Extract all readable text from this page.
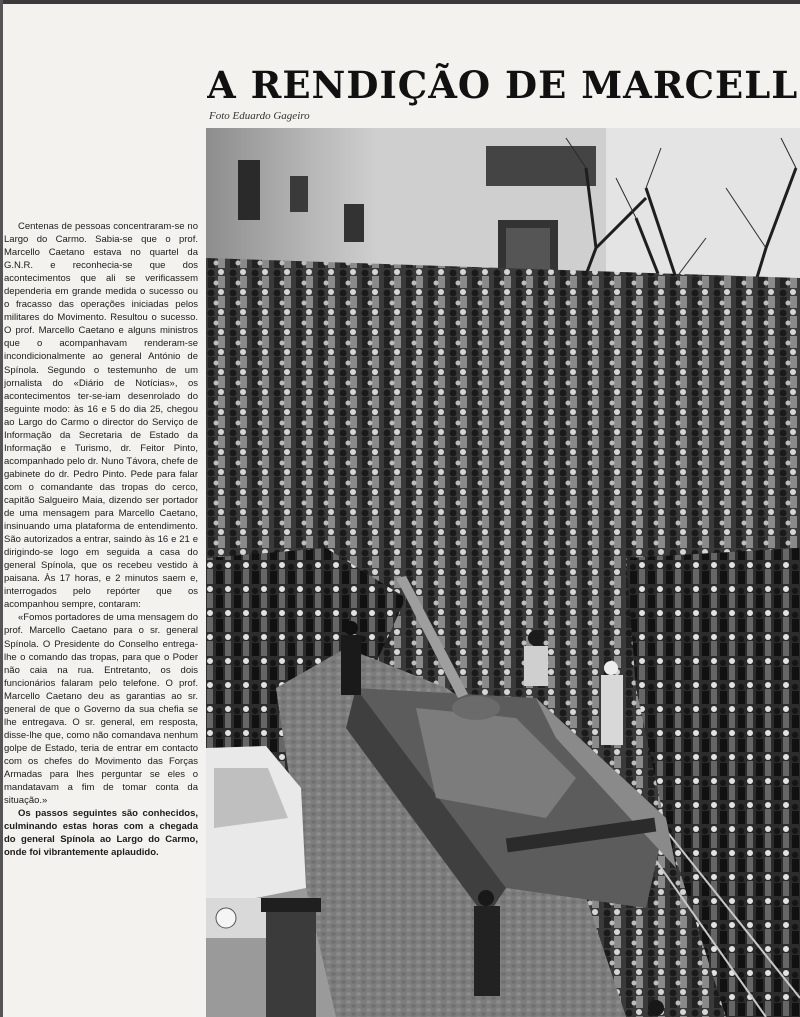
A RENDIÇÃO DE MARCELL
Foto Eduardo Gageiro

Centenas de pessoas concentraram-se no Largo do Carmo. Sabia-se que o prof. Marcello Caetano estava no quartel da G.N.R. e reconhecia-se que dos acontecimentos que ali se verificassem dependeria em grande medida o sucesso ou o fracasso das operações iniciadas pelos militares do Movimento. Resultou o sucesso. O prof. Marcello Caetano e alguns ministros que o acompanhavam renderam-se incondicionalmente ao general António de Spínola. Segundo o testemunho de um jornalista do «Diário de Notícias», os acontecimentos ter-se-iam desenrolado do seguinte modo: às 16 e 5 do dia 25, chegou ao Largo do Carmo o director do Serviço de Informação da Secretaria de Estado da Informação e Turismo, dr. Feitor Pinto, acompanhado pelo dr. Nuno Távora, chefe de gabinete do dr. Pedro Pinto. Pede para falar com o comandante das tropas do cerco, capitão Salgueiro Maia, dizendo ser portador de uma mensagem para Marcello Caetano, insinuando uma plataforma de entendimento. São autorizados a entrar, saindo às 16 e 21 e dirigindo-se logo em seguida a casa do general Spínola, que os recebeu vestido à paisana. Às 17 horas, e 2 minutos saem e, interrogados pelo repórter que os acompanhou sempre, contaram:

«Fomos portadores de uma mensagem do prof. Marcello Caetano para o sr. general Spínola. O Presidente do Conselho entrega-lhe o comando das tropas, para que o Poder não caia na rua. Entretanto, os dois funcionários falaram pelo telefone. O prof. Marcello Caetano deu as garantias ao sr. general de que o Governo da sua chefia se lhe entregava. O sr. general, em resposta, disse-lhe que, como não comandava nenhum golpe de Estado, teria de entrar em contacto com os chefes do Movimento das Forças Armadas para lhes perguntar se eles o mandatavam a fim de tomar conta da situação.»

Os passos seguintes são conhecidos, culminando estas horas com a chegada do general Spínola ao Largo do Carmo, onde foi vibrantemente aplaudido.
